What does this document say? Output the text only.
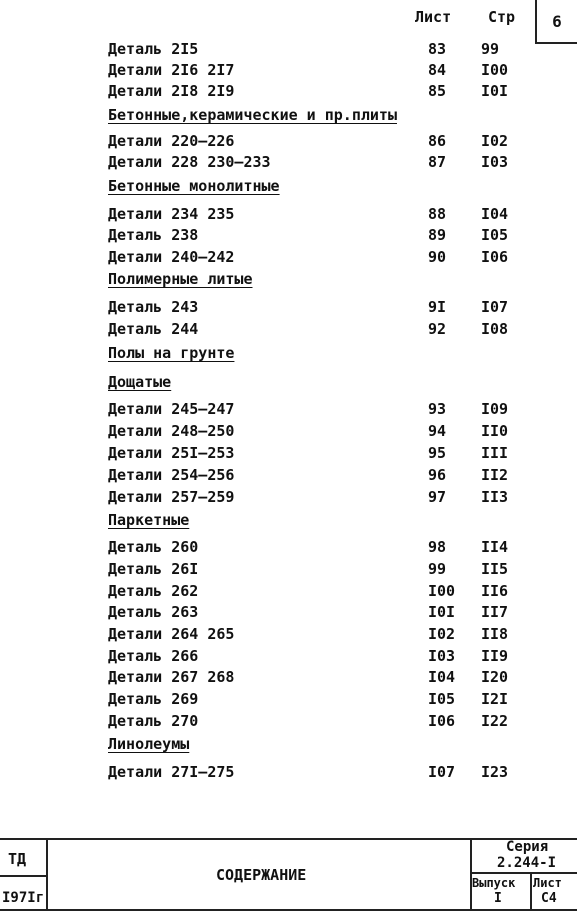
Лист Стр 6
Деталь 2I5	83 99
Детали 2I6 2I7	84 I00
Детали 2I8 2I9	85 I0I
Бетонные,керамические и пр.плиты
Детали 220–226	86 I02
Детали 228 230–233	87 I03
Бетонные монолитные
Детали 234 235	88 I04
Деталь 238	89 I05
Детали 240–242	90 I06
Полимерные литые
Деталь 243	9I I07
Деталь 244	92 I08
Полы на грунте
Дощатые
Детали 245–247	93 I09
Детали 248–250	94 II0
Детали 25I–253	95 III
Детали 254–256	96 II2
Детали 257–259	97 II3
Паркетные
Деталь 260	98 II4
Деталь 26I	99 II5
Деталь 262	I00 II6
Деталь 263	I0I II7
Детали 264 265	I02 II8
Деталь 266	I03 II9
Детали 267 268	I04 I20
Деталь 269	I05 I2I
Деталь 270	I06 I22
Линолеумы
Детали 27I–275	I07 I23
ТД
I97Iг
СОДЕРЖАНИЕ
Серия
2.244-I
Выпуск
I
Лист
С4
